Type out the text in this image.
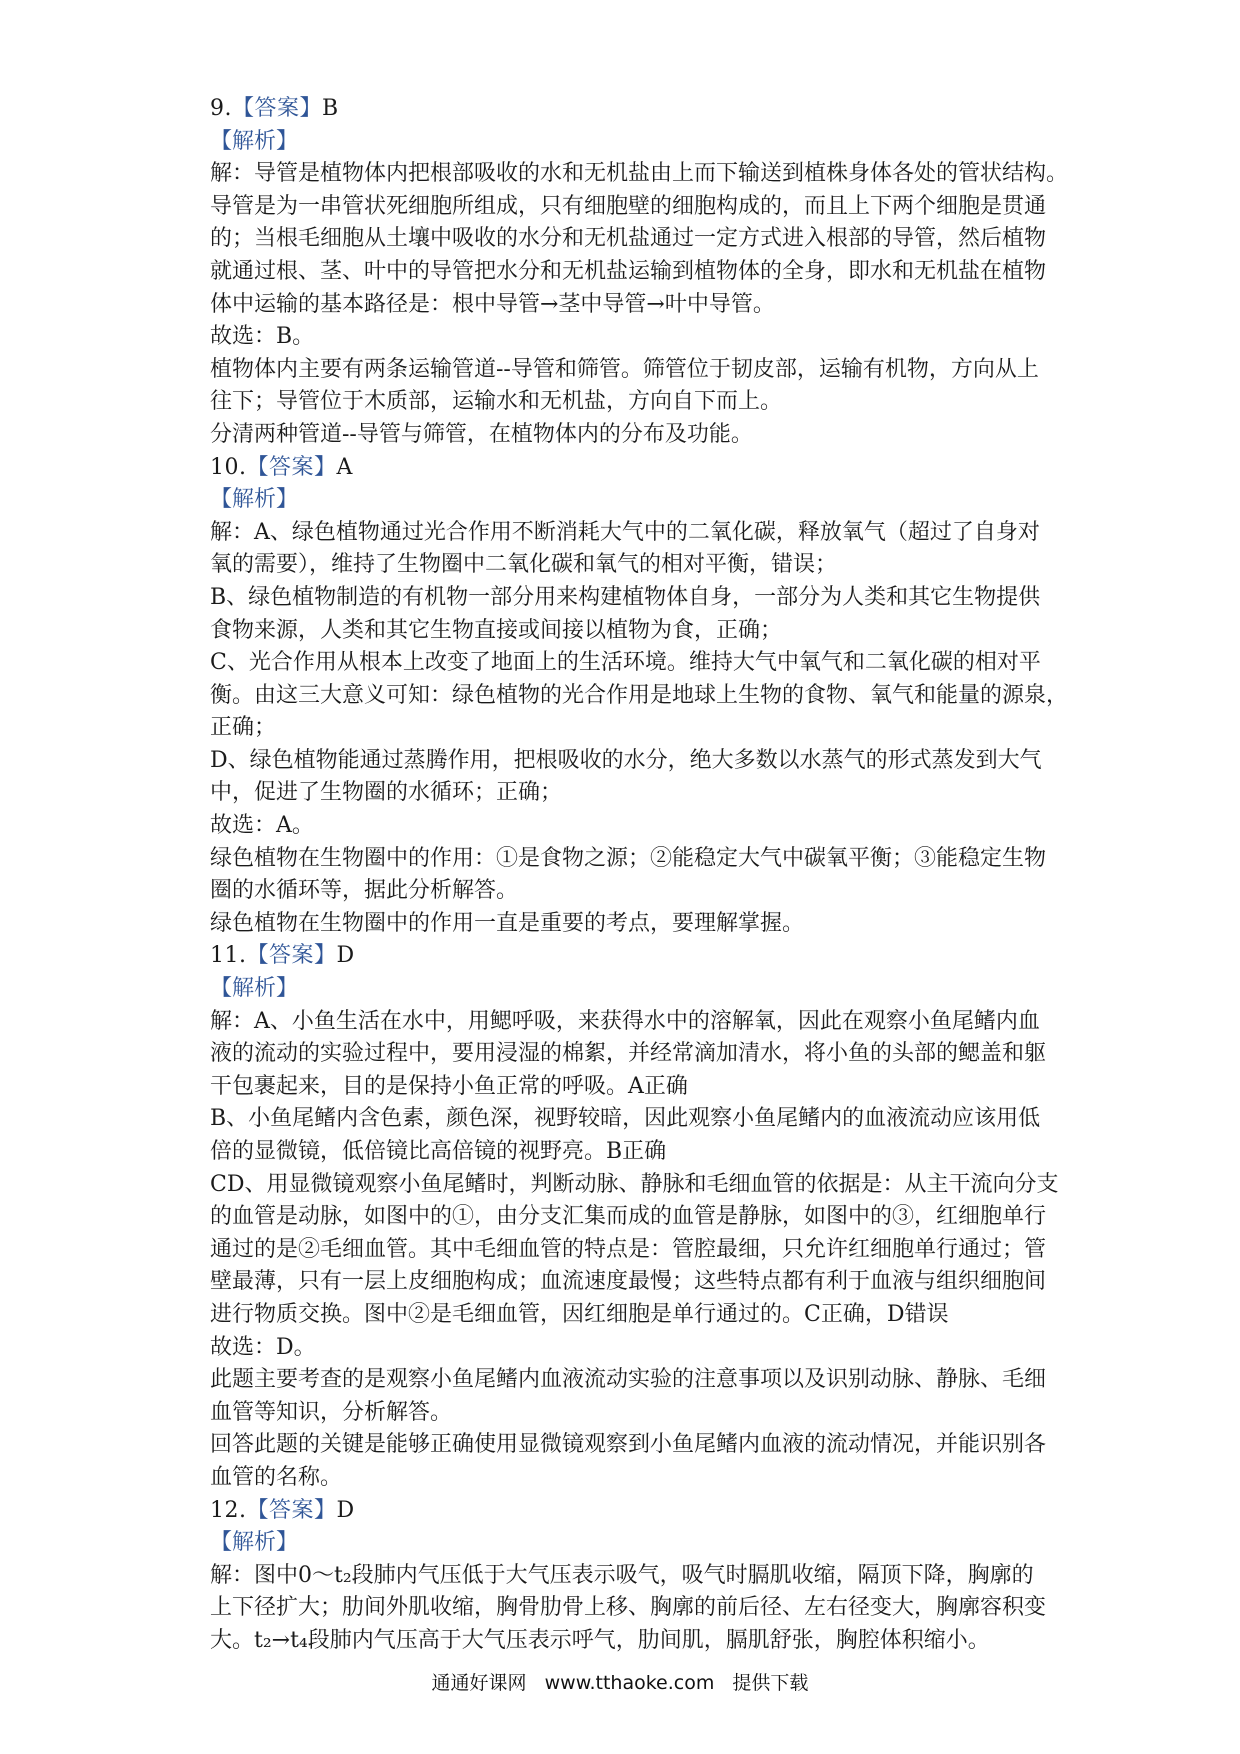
9.【答案】B
【解析】
解：导管是植物体内把根部吸收的水和无机盐由上而下输送到植株身体各处的管状结构。
导管是为一串管状死细胞所组成，只有细胞壁的细胞构成的，而且上下两个细胞是贯通
的；当根毛细胞从土壤中吸收的水分和无机盐通过一定方式进入根部的导管，然后植物
就通过根、茎、叶中的导管把水分和无机盐运输到植物体的全身，即水和无机盐在植物
体中运输的基本路径是：根中导管→茎中导管→叶中导管。
故选：B。
植物体内主要有两条运输管道--导管和筛管。筛管位于韧皮部，运输有机物，方向从上
往下；导管位于木质部，运输水和无机盐，方向自下而上。
分清两种管道--导管与筛管，在植物体内的分布及功能。
10.【答案】A
【解析】
解：A、绿色植物通过光合作用不断消耗大气中的二氧化碳，释放氧气（超过了自身对
氧的需要），维持了生物圈中二氧化碳和氧气的相对平衡，错误；
B、绿色植物制造的有机物一部分用来构建植物体自身，一部分为人类和其它生物提供
食物来源，人类和其它生物直接或间接以植物为食，正确；
C、光合作用从根本上改变了地面上的生活环境。维持大气中氧气和二氧化碳的相对平
衡。由这三大意义可知：绿色植物的光合作用是地球上生物的食物、氧气和能量的源泉，
正确；
D、绿色植物能通过蒸腾作用，把根吸收的水分，绝大多数以水蒸气的形式蒸发到大气
中，促进了生物圈的水循环；正确；
故选：A。
绿色植物在生物圈中的作用：①是食物之源；②能稳定大气中碳氧平衡；③能稳定生物
圈的水循环等，据此分析解答。
绿色植物在生物圈中的作用一直是重要的考点，要理解掌握。
11.【答案】D
【解析】
解：A、小鱼生活在水中，用鳃呼吸，来获得水中的溶解氧，因此在观察小鱼尾鳍内血
液的流动的实验过程中，要用浸湿的棉絮，并经常滴加清水，将小鱼的头部的鳃盖和躯
干包裹起来，目的是保持小鱼正常的呼吸。A正确
B、小鱼尾鳍内含色素，颜色深，视野较暗，因此观察小鱼尾鳍内的血液流动应该用低
倍的显微镜，低倍镜比高倍镜的视野亮。B正确
CD、用显微镜观察小鱼尾鳍时，判断动脉、静脉和毛细血管的依据是：从主干流向分支
的血管是动脉，如图中的①，由分支汇集而成的血管是静脉，如图中的③，红细胞单行
通过的是②毛细血管。其中毛细血管的特点是：管腔最细，只允许红细胞单行通过；管
壁最薄，只有一层上皮细胞构成；血流速度最慢；这些特点都有利于血液与组织细胞间
进行物质交换。图中②是毛细血管，因红细胞是单行通过的。C正确，D错误
故选：D。
此题主要考查的是观察小鱼尾鳍内血液流动实验的注意事项以及识别动脉、静脉、毛细
血管等知识，分析解答。
回答此题的关键是能够正确使用显微镜观察到小鱼尾鳍内血液的流动情况，并能识别各
血管的名称。
12.【答案】D
【解析】
解：图中0～t₂段肺内气压低于大气压表示吸气，吸气时膈肌收缩，隔顶下降，胸廓的
上下径扩大；肋间外肌收缩，胸骨肋骨上移、胸廓的前后径、左右径变大，胸廓容积变
大。t₂→t₄段肺内气压高于大气压表示呼气，肋间肌，膈肌舒张，胸腔体积缩小。
通通好课网 www.tthaoke.com 提供下载
